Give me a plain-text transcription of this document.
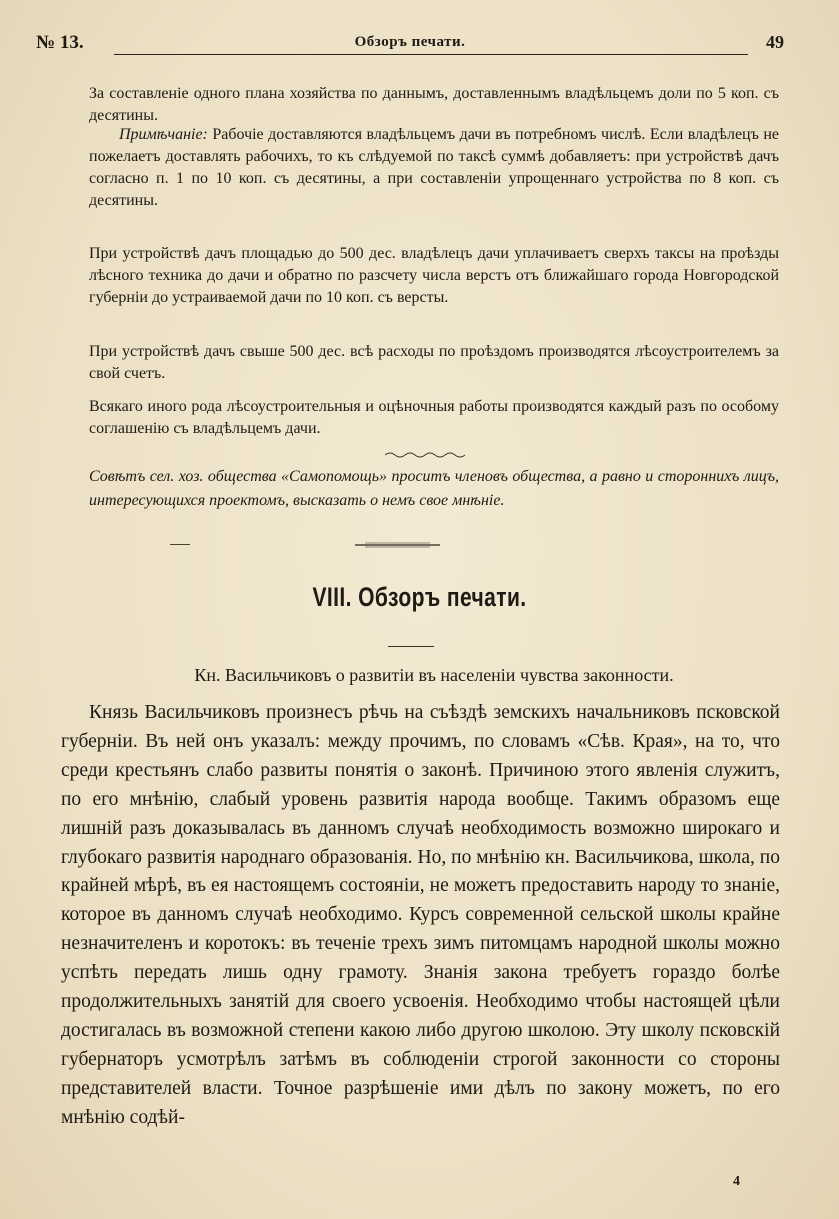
№ 13.	Обзоръ печати.	49

За составленіе одного плана хозяйства по даннымъ, доставленнымъ владѣльцемъ доли по 5 коп. съ десятины.

Примѣчаніе: Рабочіе доставляются владѣльцемъ дачи въ потребномъ числѣ. Если владѣлецъ не пожелаетъ доставлять рабочихъ, то къ слѣдуемой по таксѣ суммѣ добавляетъ: при устройствѣ дачъ согласно п. 1 по 10 коп. съ десятины, а при составленіи упрощеннаго устройства по 8 коп. съ десятины.

При устройствѣ дачъ площадью до 500 дес. владѣлецъ дачи уплачиваетъ сверхъ таксы на проѣзды лѣсного техника до дачи и обратно по разсчету числа верстъ отъ ближайшаго города Новгородской губерніи до устраиваемой дачи по 10 коп. съ версты.

При устройствѣ дачъ свыше 500 дес. всѣ расходы по проѣздомъ производятся лѣсоустроителемъ за свой счетъ.

Всякаго иного рода лѣсоустроительныя и оцѣночныя работы производятся каждый разъ по особому соглашенію съ владѣльцемъ дачи.

Совѣтъ сел. хоз. общества «Самопомощь» проситъ членовъ общества, а равно и стороннихъ лицъ, интересующихся проектомъ, высказать о немъ свое мнѣніе.
VIII. Обзоръ печати.
Кн. Васильчиковъ о развитіи въ населеніи чувства законности.

Князь Васильчиковъ произнесъ рѣчь на съѣздѣ земскихъ начальниковъ псковской губерніи. Въ ней онъ указалъ: между прочимъ, по словамъ «Сѣв. Края», на то, что среди крестьянъ слабо развиты понятія о законѣ. Причиною этого явленія служитъ, по его мнѣнію, слабый уровень развитія народа вообще. Такимъ образомъ еще лишній разъ доказывалась въ данномъ случаѣ необходимость возможно широкаго и глубокаго развитія народнаго образованія. Но, по мнѣнію кн. Васильчикова, школа, по крайней мѣрѣ, въ ея настоящемъ состояніи, не можетъ предоставить народу то знаніе, которое въ данномъ случаѣ необходимо. Курсъ современной сельской школы крайне незначителенъ и коротокъ: въ теченіе трехъ зимъ питомцамъ народной школы можно успѣть передать лишь одну грамоту. Знанія закона требуетъ гораздо болѣе продолжительныхъ занятій для своего усвоенія. Необходимо чтобы настоящей цѣли достигалась въ возможной степени какою либо другою школою. Эту школу псковскій губернаторъ усмотрѣлъ затѣмъ въ соблюденіи строгой законности со стороны представителей власти. Точное разрѣшеніе ими дѣлъ по закону можетъ, по его мнѣнію содѣй-

4
